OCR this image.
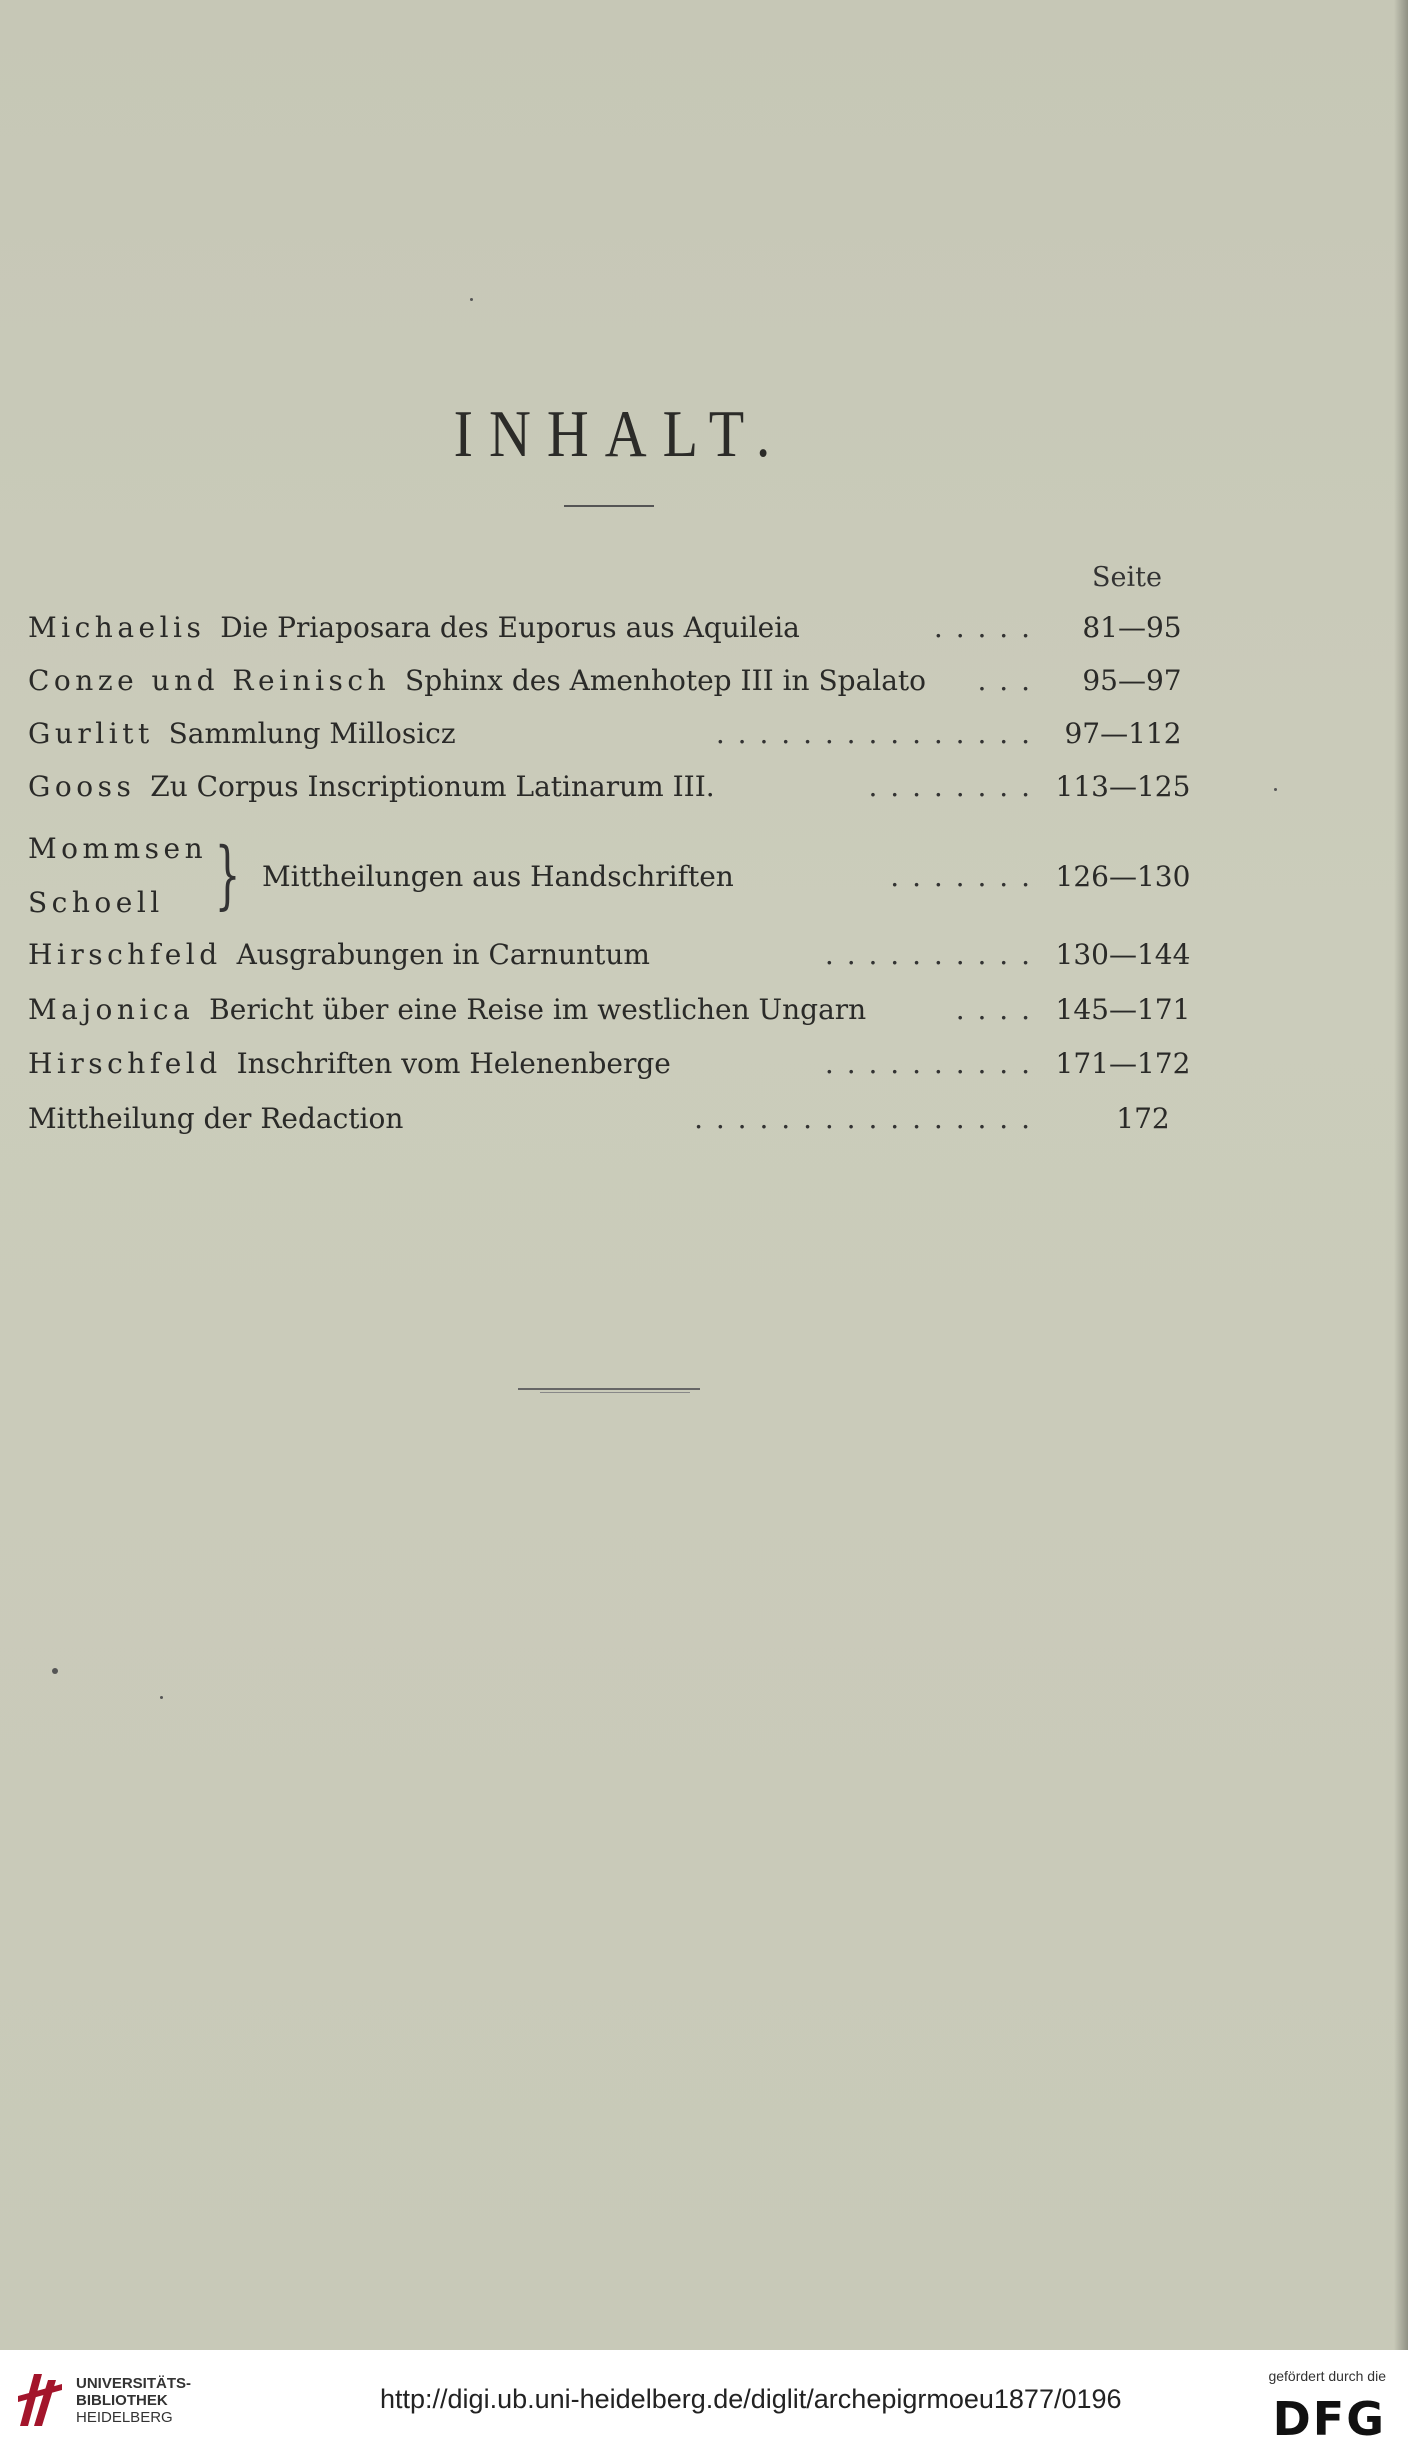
INHALT.
Seite
Michaelis Die Priaposara des Euporus aus Aquileia	. . . . .	81—95
Conze und Reinisch Sphinx des Amenhotep III in Spalato . . .	95—97
Gurlitt Sammlung Millosicz	. . . . . . . . . . . . . . .	97—112
Gooss Zu Corpus Inscriptionum Latinarum III.	. . . . . . . . 113—125
Mommsen
Schoell } Mittheilungen aus Handschriften	. . . . . . . 126—130
Hirschfeld Ausgrabungen in Carnuntum	. . . . . . . . . . 130—144
Majonica Bericht über eine Reise im westlichen Ungarn	. . . . 145—171
Hirschfeld Inschriften vom Helenenberge	. . . . . . . . . . 171—172
Mittheilung der Redaction	. . . . . . . . . . . . . . . .	172
UNIVERSITÄTS-
BIBLIOTHEK
HEIDELBERG
http://digi.ub.uni-heidelberg.de/diglit/archepigrmoeu1877/0196
gefördert durch die
DFG
